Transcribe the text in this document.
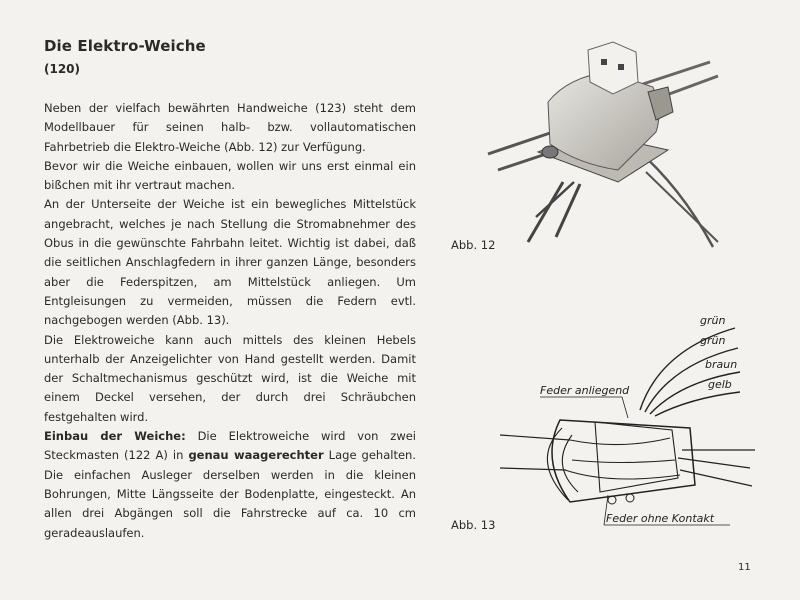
Die Elektro-Weiche
(120)

Neben der vielfach bewährten Handweiche (123) steht dem Modellbauer für seinen halb- bzw. vollautomatischen Fahrbetrieb die Elektro-Weiche (Abb. 12) zur Verfügung.

Bevor wir die Weiche einbauen, wollen wir uns erst einmal ein bißchen mit ihr vertraut machen.

An der Unterseite der Weiche ist ein bewegliches Mittelstück angebracht, welches je nach Stellung die Stromabnehmer des Obus in die gewünschte Fahrbahn leitet. Wichtig ist dabei, daß die seitlichen Anschlagfedern in ihrer ganzen Länge, besonders aber die Federspitzen, am Mittelstück anliegen. Um Entgleisungen zu vermeiden, müssen die Federn evtl. nachgebogen werden (Abb. 13).

Die Elektroweiche kann auch mittels des kleinen Hebels unterhalb der Anzeigelichter von Hand gestellt werden. Damit der Schaltmechanismus geschützt wird, ist die Weiche mit einem Deckel versehen, der durch drei Schräubchen festgehalten wird.

Einbau der Weiche: Die Elektroweiche wird von zwei Steckmasten (122 A) in genau waagerechter Lage gehalten. Die einfachen Ausleger derselben werden in die kleinen Bohrungen, Mitte Längsseite der Bodenplatte, eingesteckt. An allen drei Abgängen soll die Fahrstrecke auf ca. 10 cm geradeauslaufen.

Abb. 12
grün
grün
braun
gelb
Feder anliegend
Feder ohne Kontakt
Abb. 13
11
